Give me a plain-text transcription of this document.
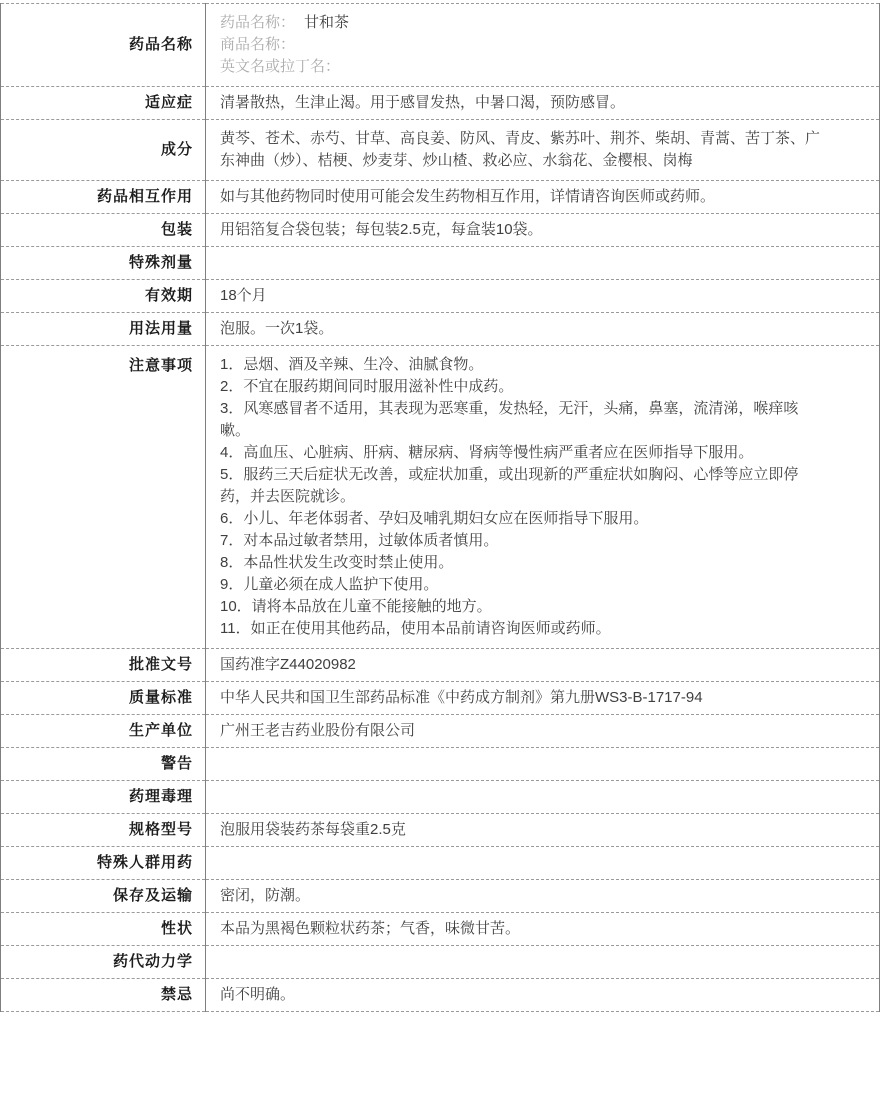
药品名称	药品名称： 甘和茶
商品名称：
英文名或拉丁名：

适应症	清暑散热，生津止渴。用于感冒发热，中暑口渴，预防感冒。
成分	黄芩、苍术、赤芍、甘草、高良姜、防风、青皮、紫苏叶、荆芥、柴胡、青蒿、苦丁茶、广东神曲（炒）、桔梗、炒麦芽、炒山楂、救必应、水翁花、金樱根、岗梅
药品相互作用	如与其他药物同时使用可能会发生药物相互作用，详情请咨询医师或药师。
包装	用铝箔复合袋包装；每包装2.5克，每盒装10袋。
特殊剂量	
有效期	18个月
用法用量	泡服。一次1袋。
注意事项	1．忌烟、酒及辛辣、生冷、油腻食物。
2．不宜在服药期间同时服用滋补性中成药。
3．风寒感冒者不适用，其表现为恶寒重，发热轻，无汗，头痛，鼻塞，流清涕，喉痒咳嗽。
4．高血压、心脏病、肝病、糖尿病、肾病等慢性病严重者应在医师指导下服用。
5．服药三天后症状无改善，或症状加重，或出现新的严重症状如胸闷、心悸等应立即停药，并去医院就诊。
6．小儿、年老体弱者、孕妇及哺乳期妇女应在医师指导下服用。
7．对本品过敏者禁用，过敏体质者慎用。
8．本品性状发生改变时禁止使用。
9．儿童必须在成人监护下使用。
10．请将本品放在儿童不能接触的地方。
11．如正在使用其他药品，使用本品前请咨询医师或药师。

批准文号	国药准字Z44020982
质量标准	中华人民共和国卫生部药品标准《中药成方制剂》第九册WS3-B-1717-94
生产单位	广州王老吉药业股份有限公司
警告	
药理毒理	
规格型号	泡服用袋装药茶每袋重2.5克
特殊人群用药	
保存及运输	密闭，防潮。
性状	本品为黑褐色颗粒状药茶；气香，味微甘苦。
药代动力学	
禁忌	尚不明确。
